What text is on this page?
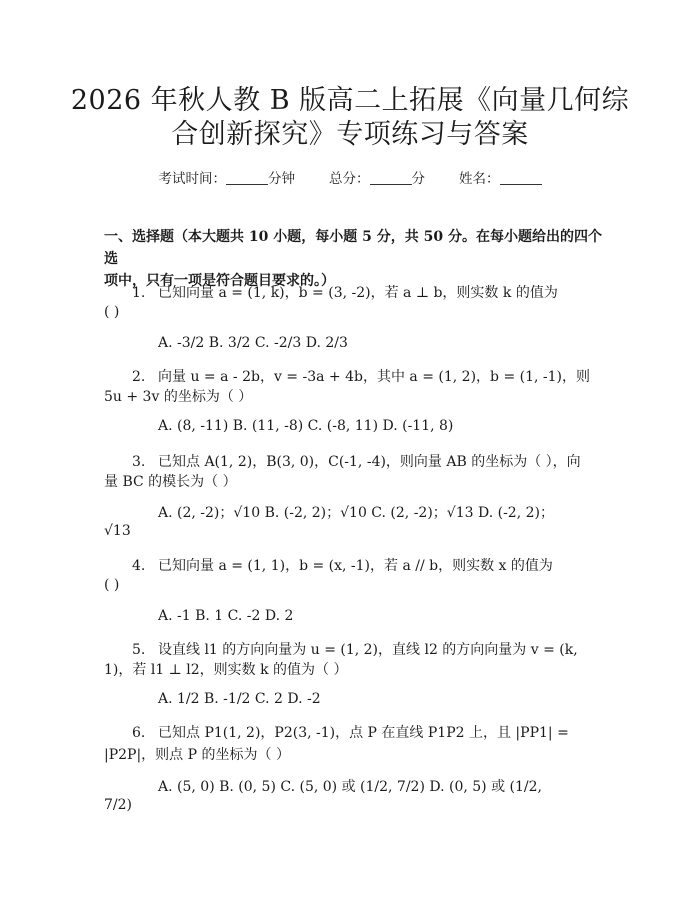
2026 年秋人教 B 版高二上拓展《向量几何综
合创新探究》专项练习与答案
考试时间：	分钟	总分：	分	姓名：
一、选择题（本大题共 10 小题，每小题 5 分，共 50 分。在每小题给出的四个选
项中，只有一项是符合题目要求的。）
1. 已知向量 a = (1, k)，b = (3, -2)，若 a ⊥ b，则实数 k 的值为
( )
A. -3/2 B. 3/2 C. -2/3 D. 2/3
2. 向量 u = a - 2b，v = -3a + 4b，其中 a = (1, 2)，b = (1, -1)，则
5u + 3v 的坐标为（ ）
A. (8, -11) B. (11, -8) C. (-8, 11) D. (-11, 8)
3. 已知点 A(1, 2)，B(3, 0)，C(-1, -4)，则向量 AB 的坐标为（ ），向
量 BC 的模长为（ ）
A. (2, -2)；√10 B. (-2, 2)；√10 C. (2, -2)；√13 D. (-2, 2)；
√13
4. 已知向量 a = (1, 1)，b = (x, -1)，若 a // b，则实数 x 的值为
( )
A. -1 B. 1 C. -2 D. 2
5. 设直线 l1 的方向向量为 u = (1, 2)，直线 l2 的方向向量为 v = (k,
1)，若 l1 ⊥ l2，则实数 k 的值为（ ）
A. 1/2 B. -1/2 C. 2 D. -2
6. 已知点 P1(1, 2)，P2(3, -1)，点 P 在直线 P1P2 上，且 |PP1| =
|P2P|，则点 P 的坐标为（ ）
A. (5, 0) B. (0, 5) C. (5, 0) 或 (1/2, 7/2) D. (0, 5) 或 (1/2,
7/2)
